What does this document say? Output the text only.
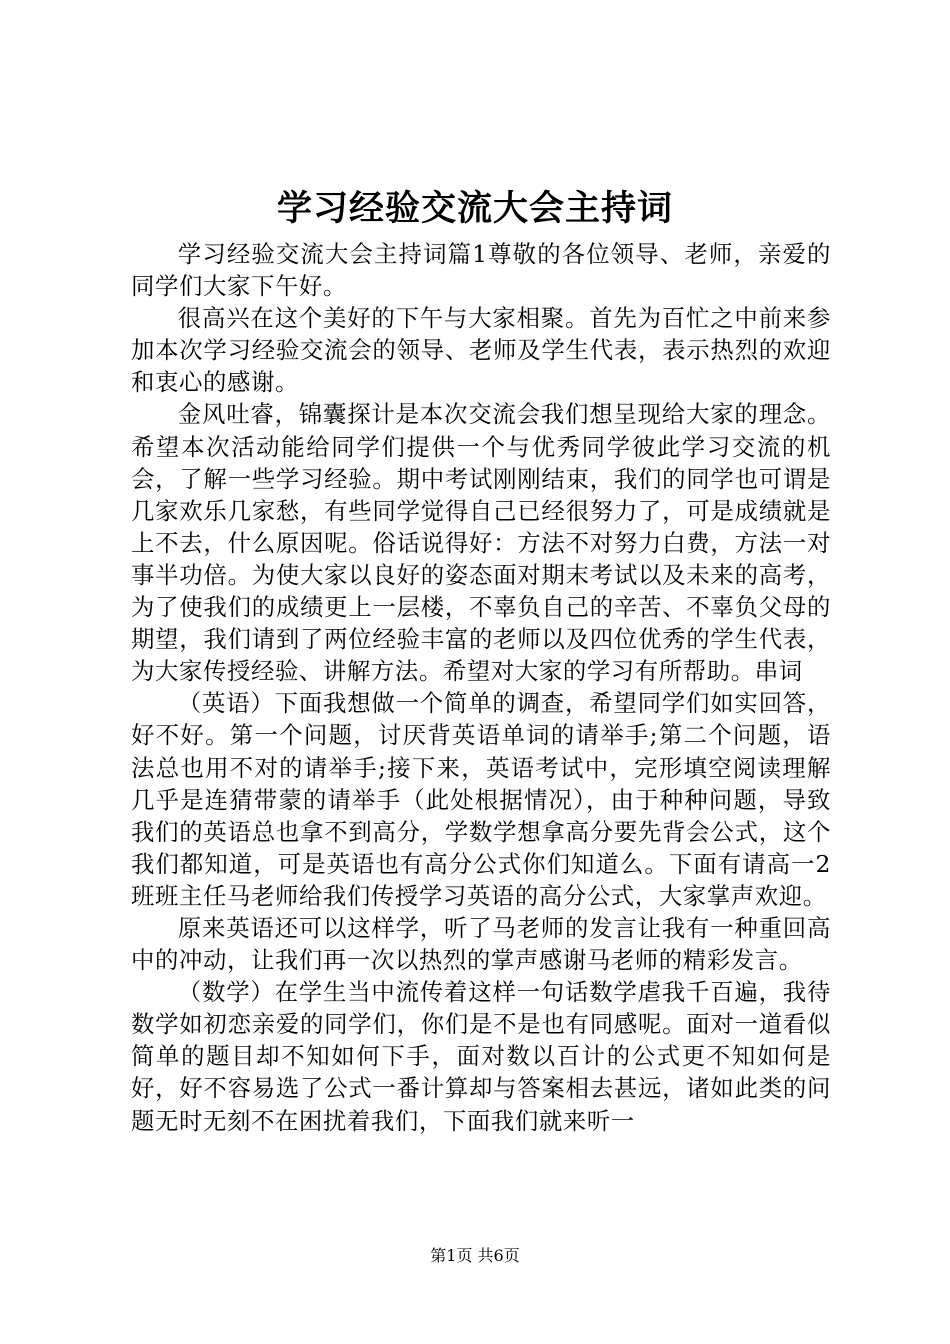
学习经验交流大会主持词

学习经验交流大会主持词篇1尊敬的各位领导、老师，亲爱的同学们大家下午好。

很高兴在这个美好的下午与大家相聚。首先为百忙之中前来参加本次学习经验交流会的领导、老师及学生代表，表示热烈的欢迎和衷心的感谢。

金风吐睿，锦囊探计是本次交流会我们想呈现给大家的理念。希望本次活动能给同学们提供一个与优秀同学彼此学习交流的机会，了解一些学习经验。期中考试刚刚结束，我们的同学也可谓是几家欢乐几家愁，有些同学觉得自己已经很努力了，可是成绩就是上不去，什么原因呢。俗话说得好：方法不对努力白费，方法一对事半功倍。为使大家以良好的姿态面对期末考试以及未来的高考，为了使我们的成绩更上一层楼，不辜负自己的辛苦、不辜负父母的期望，我们请到了两位经验丰富的老师以及四位优秀的学生代表，为大家传授经验、讲解方法。希望对大家的学习有所帮助。串词

（英语）下面我想做一个简单的调查，希望同学们如实回答，好不好。第一个问题，讨厌背英语单词的请举手;第二个问题，语法总也用不对的请举手;接下来，英语考试中，完形填空阅读理解几乎是连猜带蒙的请举手（此处根据情况），由于种种问题，导致我们的英语总也拿不到高分，学数学想拿高分要先背会公式，这个我们都知道，可是英语也有高分公式你们知道么。下面有请高一2班班主任马老师给我们传授学习英语的高分公式，大家掌声欢迎。

原来英语还可以这样学，听了马老师的发言让我有一种重回高中的冲动，让我们再一次以热烈的掌声感谢马老师的精彩发言。

（数学）在学生当中流传着这样一句话数学虐我千百遍，我待数学如初恋亲爱的同学们，你们是不是也有同感呢。面对一道看似简单的题目却不知如何下手，面对数以百计的公式更不知如何是好，好不容易选了公式一番计算却与答案相去甚远，诸如此类的问题无时无刻不在困扰着我们，下面我们就来听一

第1页 共6页
